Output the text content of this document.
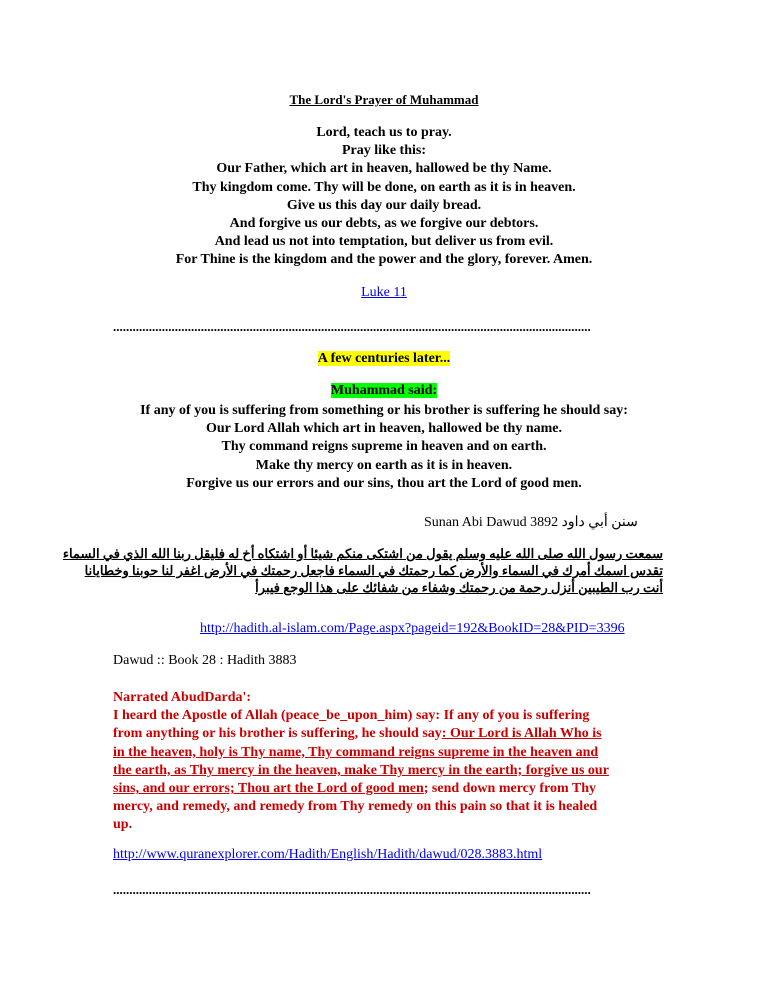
The Lord's Prayer of Muhammad
Lord, teach us to pray.
Pray like this:
Our Father, which art in heaven, hallowed be thy Name.
Thy kingdom come. Thy will be done, on earth as it is in heaven.
Give us this day our daily bread.
And forgive us our debts, as we forgive our debtors.
And lead us not into temptation, but deliver us from evil.
For Thine is the kingdom and the power and the glory, forever. Amen.
Luke 11
...................................................................................................................................................
A few centuries later...
Muhammad said:
If any of you is suffering from something or his brother is suffering he should say:
Our Lord Allah which art in heaven, hallowed be thy name.
Thy command reigns supreme in heaven and on earth.
Make thy mercy on earth as it is in heaven.
Forgive us our errors and our sins, thou art the Lord of good men.
Sunan Abi Dawud 3892 سنن أبي داود
سمعت رسول الله صلى الله عليه وسلم يقول من اشتكى منكم شيئا أو اشتكاه أخ له فليقل ربنا الله الذي في السماء
تقدس اسمك أمرك في السماء والأرض كما رحمتك في السماء فاجعل رحمتك في الأرض اغفر لنا حوبنا وخطايانا
أنت رب الطيبين أنزل رحمة من رحمتك وشفاء من شفائك على هذا الوجع فيبرأ
http://hadith.al-islam.com/Page.aspx?pageid=192&BookID=28&PID=3396
Dawud :: Book 28 : Hadith 3883
Narrated AbudDarda':
I heard the Apostle of Allah (peace_be_upon_him) say: If any of you is suffering
from anything or his brother is suffering, he should say: Our Lord is Allah Who is
in the heaven, holy is Thy name, Thy command reigns supreme in the heaven and
the earth, as Thy mercy in the heaven, make Thy mercy in the earth; forgive us our
sins, and our errors; Thou art the Lord of good men; send down mercy from Thy
mercy, and remedy, and remedy from Thy remedy on this pain so that it is healed
up.
http://www.quranexplorer.com/Hadith/English/Hadith/dawud/028.3883.html
...................................................................................................................................................
